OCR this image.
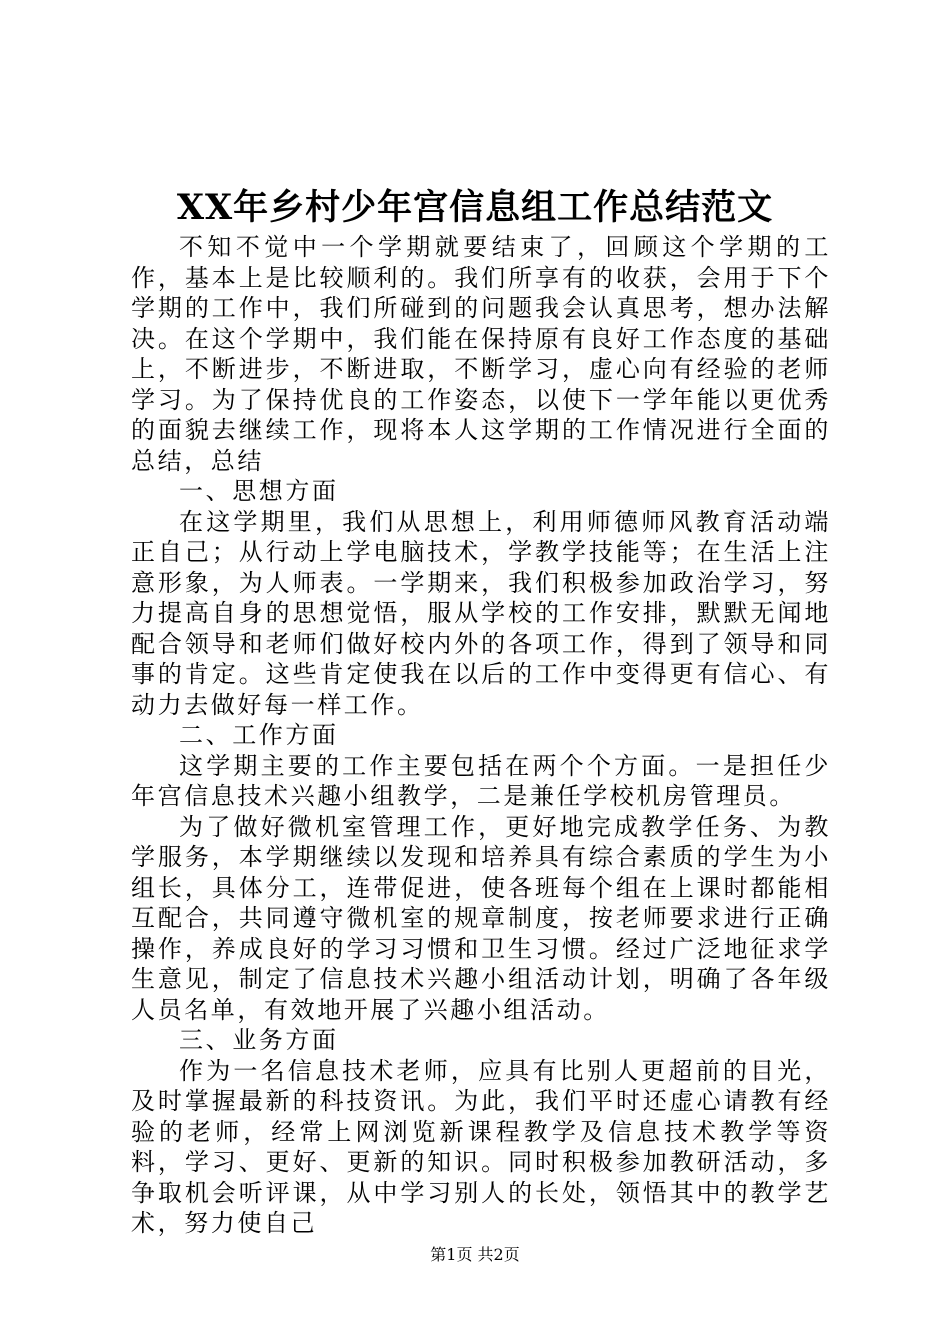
XX年乡村少年宫信息组工作总结范文

不知不觉中一个学期就要结束了，回顾这个学期的工作，基本上是比较顺利的。我们所享有的收获，会用于下个学期的工作中，我们所碰到的问题我会认真思考，想办法解决。在这个学期中，我们能在保持原有良好工作态度的基础上，不断进步，不断进取，不断学习，虚心向有经验的老师学习。为了保持优良的工作姿态，以使下一学年能以更优秀的面貌去继续工作，现将本人这学期的工作情况进行全面的总结，总结

一、思想方面

在这学期里，我们从思想上，利用师德师风教育活动端正自己；从行动上学电脑技术，学教学技能等；在生活上注意形象，为人师表。一学期来，我们积极参加政治学习，努力提高自身的思想觉悟，服从学校的工作安排，默默无闻地配合领导和老师们做好校内外的各项工作，得到了领导和同事的肯定。这些肯定使我在以后的工作中变得更有信心、有动力去做好每一样工作。

二、工作方面

这学期主要的工作主要包括在两个个方面。一是担任少年宫信息技术兴趣小组教学，二是兼任学校机房管理员。

为了做好微机室管理工作，更好地完成教学任务、为教学服务，本学期继续以发现和培养具有综合素质的学生为小组长，具体分工，连带促进，使各班每个组在上课时都能相互配合，共同遵守微机室的规章制度，按老师要求进行正确操作，养成良好的学习习惯和卫生习惯。经过广泛地征求学生意见，制定了信息技术兴趣小组活动计划，明确了各年级人员名单，有效地开展了兴趣小组活动。

三、业务方面

作为一名信息技术老师，应具有比别人更超前的目光，及时掌握最新的科技资讯。为此，我们平时还虚心请教有经验的老师，经常上网浏览新课程教学及信息技术教学等资料，学习、更好、更新的知识。同时积极参加教研活动，多争取机会听评课，从中学习别人的长处，领悟其中的教学艺术，努力使自己

第1页 共2页
